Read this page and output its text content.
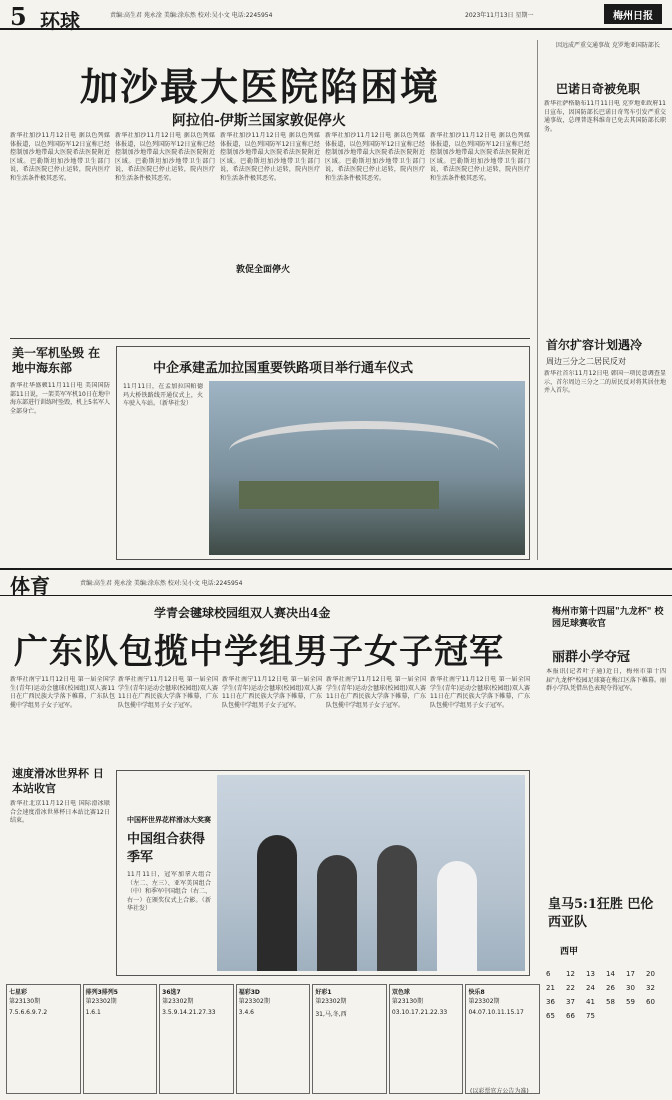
5 环球	责编:高生君 苑永淦 美编:涂东然 校对:吴小文 电话:2245954	2023年11月13日 星期一	梅州日报
加沙最大医院陷困境
阿拉伯-伊斯兰国家敦促停火
新华社加沙11月12日电 据以色列媒体报道，以色列国防军12日宣称已经控制加沙地带最大医院希法医院附近区域。巴勒斯坦加沙地带卫生部门说，希法医院已停止运转，院内医疗和生活条件极其恶劣。
新华社加沙11月12日电 据以色列媒体报道，以色列国防军12日宣称已经控制加沙地带最大医院希法医院附近区域。巴勒斯坦加沙地带卫生部门说，希法医院已停止运转，院内医疗和生活条件极其恶劣。
敦促全面停火
新华社加沙11月12日电 据以色列媒体报道，以色列国防军12日宣称已经控制加沙地带最大医院希法医院附近区域。巴勒斯坦加沙地带卫生部门说，希法医院已停止运转，院内医疗和生活条件极其恶劣。
新华社加沙11月12日电 据以色列媒体报道，以色列国防军12日宣称已经控制加沙地带最大医院希法医院附近区域。巴勒斯坦加沙地带卫生部门说，希法医院已停止运转，院内医疗和生活条件极其恶劣。
新华社加沙11月12日电 据以色列媒体报道，以色列国防军12日宣称已经控制加沙地带最大医院希法医院附近区域。巴勒斯坦加沙地带卫生部门说，希法医院已停止运转，院内医疗和生活条件极其恶劣。
因远成严重交通事故 克罗地亚国防部长
巴诺日奇被免职
新华社萨格勒布11月11日电 克罗地亚政府11日宣布，因国防部长巴诺日奇驾车引发严重交通事故，总理普连科维奇已免去其国防部长职务。
美一军机坠毁 在地中海东部
新华社华盛顿11月11日电 美国国防部11日说，一架美军军机10日在地中海东部进行训练时坠毁，机上5名军人全部身亡。
中企承建孟加拉国重要铁路项目举行通车仪式
11月11日，在孟加拉国帕德玛大桥铁路线开通仪式上，火车驶入车站。（新华社发）
首尔扩容计划遇冷
周边三分之二居民反对
新华社首尔11月12日电 韩国一项民意调查显示，首尔周边三分之二的居民反对将其居住地并入首尔。
体育	责编:高生君 苑永淦 美编:涂东然 校对:吴小文 电话:2245954
学青会毽球校园组双人赛决出4金
广东队包揽中学组男子女子冠军
新华社南宁11月12日电 第一届全国学生(青年)运动会毽球(校园组)双人赛11日在广西民族大学落下帷幕，广东队包揽中学组男子女子冠军。
新华社南宁11月12日电 第一届全国学生(青年)运动会毽球(校园组)双人赛11日在广西民族大学落下帷幕，广东队包揽中学组男子女子冠军。
新华社南宁11月12日电 第一届全国学生(青年)运动会毽球(校园组)双人赛11日在广西民族大学落下帷幕，广东队包揽中学组男子女子冠军。
新华社南宁11月12日电 第一届全国学生(青年)运动会毽球(校园组)双人赛11日在广西民族大学落下帷幕，广东队包揽中学组男子女子冠军。
新华社南宁11月12日电 第一届全国学生(青年)运动会毽球(校园组)双人赛11日在广西民族大学落下帷幕，广东队包揽中学组男子女子冠军。
梅州市第十四届"九龙杯" 校园足球赛收官
丽群小学夺冠
本报讯(记者叶子通)近日，梅州市第十四届"九龙杯"校园足球赛在梅江区落下帷幕。丽群小学队凭借出色表现夺得冠军。
速度滑冰世界杯 日本站收官
新华社北京11月12日电 国际滑冰联合会速度滑冰世界杯日本站比赛12日结束。	中国杯世界花样滑冰大奖赛
中国组合获得季军
11月11日，冠军加拿大组合（左二、左三）、亚军美国组合（中）和季军中国组合（右二、右一）在颁奖仪式上合影。（新华社发）	皇马5:1狂胜 巴伦西亚队
西甲
6	12	13	14	17	20
21	22	24	26	30	32
36	37	41	58	59	60
65	66	75
七星彩
第23130期
7.5.6.6.9.7.2
排列3排列5
第23302期
1.6.1
36选7
第23302期
3.5.9.14.21.27.33
福彩3D
第23302期
3.4.6
好彩1
第23302期
31,马,冬,西
双色球
第23130期
03.10.17.21.22.33
快乐8
第23302期
04.07.10.11.15.17
(以彩票官方公告为准)
